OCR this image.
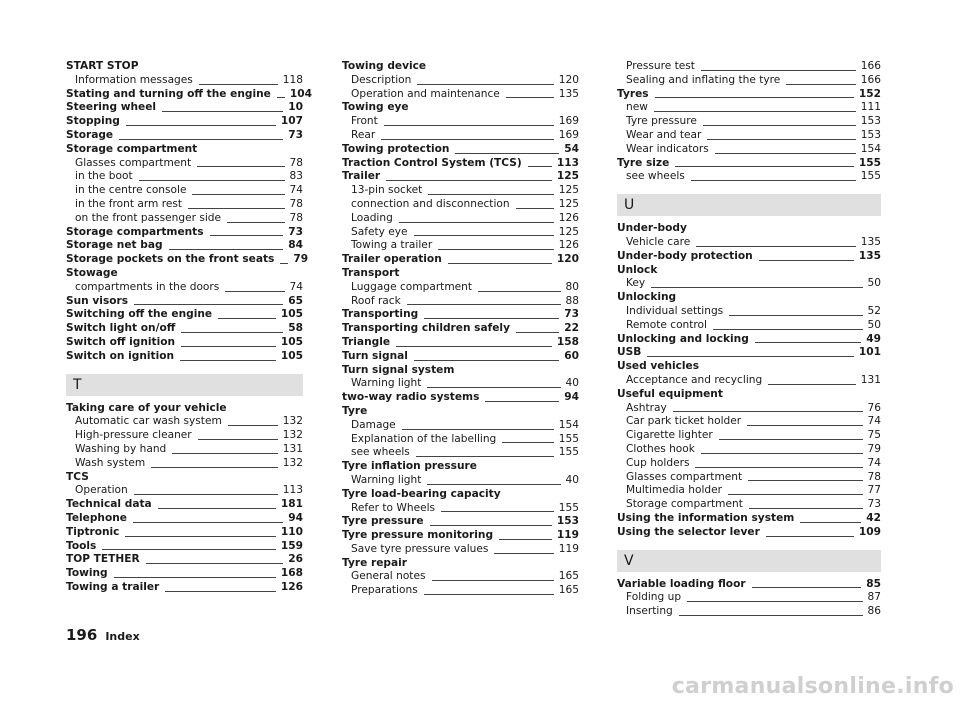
START STOP
Information messages	118
Stating and turning off the engine 104
Steering wheel	10
Stopping	107
Storage	73
Storage compartment
Glasses compartment	78
in the boot	83
in the centre console	74
in the front arm rest	78
on the front passenger side	78
Storage compartments	73
Storage net bag	84
Storage pockets on the front seats 79
Stowage
compartments in the doors	74
Sun visors	65
Switching off the engine	105
Switch light on/off	58
Switch off ignition	105
Switch on ignition	105
T
Taking care of your vehicle
Automatic car wash system	132
High-pressure cleaner	132
Washing by hand	131
Wash system	132
TCS
Operation	113
Technical data	181
Telephone	94
Tiptronic	110
Tools	159
TOP TETHER	26
Towing	168
Towing a trailer	126
Towing device
Description	120
Operation and maintenance	135
Towing eye
Front	169
Rear	169
Towing protection	54
Traction Control System (TCS)	113
Trailer	125
13-pin socket	125
connection and disconnection	125
Loading	126
Safety eye	125
Towing a trailer	126
Trailer operation	120
Transport
Luggage compartment	80
Roof rack	88
Transporting	73
Transporting children safely	22
Triangle	158
Turn signal	60
Turn signal system
Warning light	40
two-way radio systems	94
Tyre
Damage	154
Explanation of the labelling	155
see wheels	155
Tyre inflation pressure
Warning light	40
Tyre load-bearing capacity
Refer to Wheels	155
Tyre pressure	153
Tyre pressure monitoring	119
Save tyre pressure values	119
Tyre repair
General notes	165
Preparations	165
Pressure test	166
Sealing and inflating the tyre	166
Tyres	152
new	111
Tyre pressure	153
Wear and tear	153
Wear indicators	154
Tyre size	155
see wheels	155
U
Under-body
Vehicle care	135
Under-body protection	135
Unlock
Key	50
Unlocking
Individual settings	52
Remote control	50
Unlocking and locking	49
USB	101
Used vehicles
Acceptance and recycling	131
Useful equipment
Ashtray	76
Car park ticket holder	74
Cigarette lighter	75
Clothes hook	79
Cup holders	74
Glasses compartment	78
Multimedia holder	77
Storage compartment	73
Using the information system	42
Using the selector lever	109
V
Variable loading floor	85
Folding up	87
Inserting	86
196 Index
carmanualsonline.info
